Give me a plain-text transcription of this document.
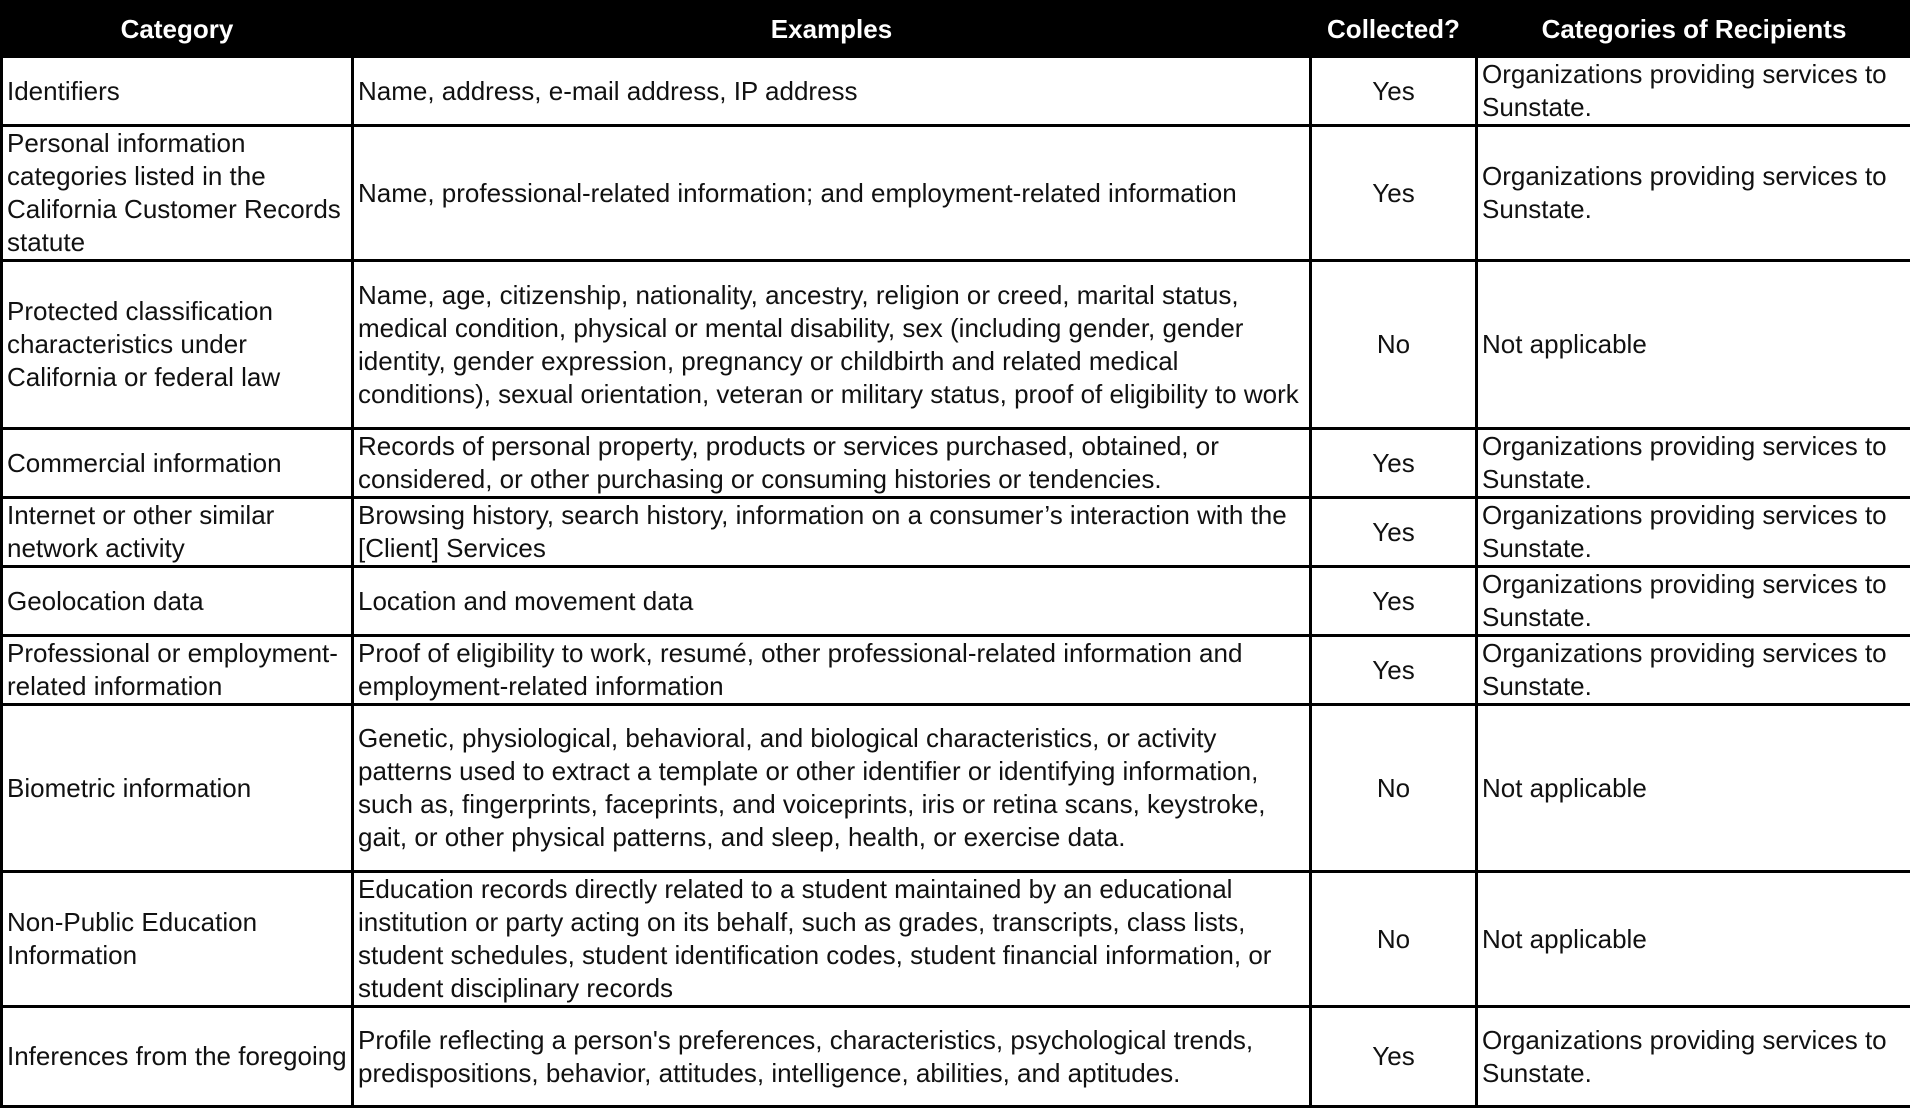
Category	Examples	Collected?	Categories of Recipients
Identifiers	Name, address, e-mail address, IP address	Yes	Organizations providing services to Sunstate.
Personal information categories listed in the California Customer Records statute	Name, professional-related information; and employment-related information	Yes	Organizations providing services to Sunstate.
Protected classification characteristics under California or federal law	Name, age, citizenship, nationality, ancestry, religion or creed, marital status, medical condition, physical or mental disability, sex (including gender, gender identity, gender expression, pregnancy or childbirth and related medical conditions), sexual orientation, veteran or military status, proof of eligibility to work	No	Not applicable
Commercial information	Records of personal property, products or services purchased, obtained, or considered, or other purchasing or consuming histories or tendencies.	Yes	Organizations providing services to Sunstate.
Internet or other similar network activity	Browsing history, search history, information on a consumer’s interaction with the [Client] Services	Yes	Organizations providing services to Sunstate.
Geolocation data	Location and movement data	Yes	Organizations providing services to Sunstate.
Professional or employment-related information	Proof of eligibility to work, resumé, other professional-related information and employment-related information	Yes	Organizations providing services to Sunstate.
Biometric information	Genetic, physiological, behavioral, and biological characteristics, or activity patterns used to extract a template or other identifier or identifying information, such as, fingerprints, faceprints, and voiceprints, iris or retina scans, keystroke, gait, or other physical patterns, and sleep, health, or exercise data.	No	Not applicable
Non-Public Education Information	Education records directly related to a student maintained by an educational institution or party acting on its behalf, such as grades, transcripts, class lists, student schedules, student identification codes, student financial information, or student disciplinary records	No	Not applicable
Inferences from the foregoing	Profile reflecting a person's preferences, characteristics, psychological trends, predispositions, behavior, attitudes, intelligence, abilities, and aptitudes.	Yes	Organizations providing services to Sunstate.
